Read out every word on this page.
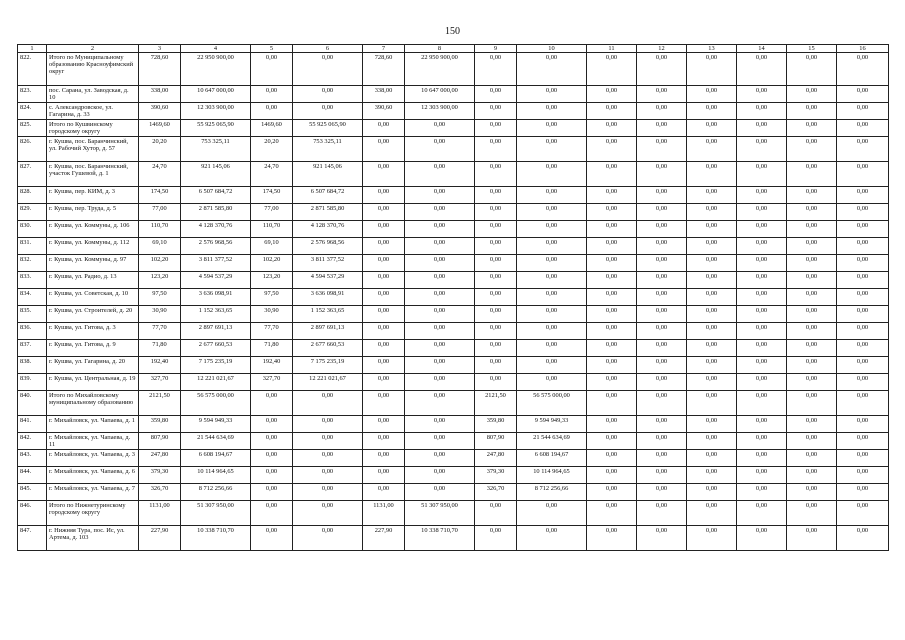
150
1	2	3	4	5	6	7	8	9	10	11	12	13	14	15	16
822.	Итого по Муниципальному образованию Красноуфимский округ	728,60	22 950 900,00	0,00	0,00	728,60	22 950 900,00	0,00	0,00	0,00	0,00	0,00	0,00	0,00	0,00
823.	пос. Сарана, ул. Заводская, д. 10	338,00	10 647 000,00	0,00	0,00	338,00	10 647 000,00	0,00	0,00	0,00	0,00	0,00	0,00	0,00	0,00
824.	с. Александровское, ул. Гагарина, д. 33	390,60	12 303 900,00	0,00	0,00	390,60	12 303 900,00	0,00	0,00	0,00	0,00	0,00	0,00	0,00	0,00
825.	Итого по Кушвинскому городскому округу	1469,60	55 925 065,90	1469,60	55 925 065,90	0,00	0,00	0,00	0,00	0,00	0,00	0,00	0,00	0,00	0,00
826.	г. Кушва, пос. Баранчинский, ул. Рабочий Хутор, д. 57	20,20	753 325,11	20,20	753 325,11	0,00	0,00	0,00	0,00	0,00	0,00	0,00	0,00	0,00	0,00
827.	г. Кушва, пос. Баранчинский, участок Гушевой, д. 1	24,70	921 145,06	24,70	921 145,06	0,00	0,00	0,00	0,00	0,00	0,00	0,00	0,00	0,00	0,00
828.	г. Кушва, пер. КИМ, д. 3	174,50	6 507 684,72	174,50	6 507 684,72	0,00	0,00	0,00	0,00	0,00	0,00	0,00	0,00	0,00	0,00
829.	г. Кушва, пер. Труда, д. 5	77,00	2 871 585,80	77,00	2 871 585,80	0,00	0,00	0,00	0,00	0,00	0,00	0,00	0,00	0,00	0,00
830.	г. Кушва, ул. Коммуны, д. 106	110,70	4 128 370,76	110,70	4 128 370,76	0,00	0,00	0,00	0,00	0,00	0,00	0,00	0,00	0,00	0,00
831.	г. Кушва, ул. Коммуны, д. 112	69,10	2 576 968,56	69,10	2 576 968,56	0,00	0,00	0,00	0,00	0,00	0,00	0,00	0,00	0,00	0,00
832.	г. Кушва, ул. Коммуны, д. 97	102,20	3 811 377,52	102,20	3 811 377,52	0,00	0,00	0,00	0,00	0,00	0,00	0,00	0,00	0,00	0,00
833.	г. Кушва, ул. Радио, д. 13	123,20	4 594 537,29	123,20	4 594 537,29	0,00	0,00	0,00	0,00	0,00	0,00	0,00	0,00	0,00	0,00
834.	г. Кушва, ул. Советская, д. 10	97,50	3 636 098,91	97,50	3 636 098,91	0,00	0,00	0,00	0,00	0,00	0,00	0,00	0,00	0,00	0,00
835.	г. Кушва, ул. Строителей, д. 20	30,90	1 152 363,65	30,90	1 152 363,65	0,00	0,00	0,00	0,00	0,00	0,00	0,00	0,00	0,00	0,00
836.	г. Кушва, ул. Гитова, д. 3	77,70	2 897 691,13	77,70	2 897 691,13	0,00	0,00	0,00	0,00	0,00	0,00	0,00	0,00	0,00	0,00
837.	г. Кушва, ул. Гитова, д. 9	71,80	2 677 660,53	71,80	2 677 660,53	0,00	0,00	0,00	0,00	0,00	0,00	0,00	0,00	0,00	0,00
838.	г. Кушва, ул. Гагарина, д. 20	192,40	7 175 235,19	192,40	7 175 235,19	0,00	0,00	0,00	0,00	0,00	0,00	0,00	0,00	0,00	0,00
839.	г. Кушва, ул. Центральная, д. 19	327,70	12 221 021,67	327,70	12 221 021,67	0,00	0,00	0,00	0,00	0,00	0,00	0,00	0,00	0,00	0,00
840.	Итого по Михайловскому муниципальному образованию	2121,50	56 575 000,00	0,00	0,00	0,00	0,00	2121,50	56 575 000,00	0,00	0,00	0,00	0,00	0,00	0,00
841.	г. Михайловск, ул. Чапаева, д. 1	359,80	9 594 949,33	0,00	0,00	0,00	0,00	359,80	9 594 949,33	0,00	0,00	0,00	0,00	0,00	0,00
842.	г. Михайловск, ул. Чапаева, д. 11	807,90	21 544 634,69	0,00	0,00	0,00	0,00	807,90	21 544 634,69	0,00	0,00	0,00	0,00	0,00	0,00
843.	г. Михайловск, ул. Чапаева, д. 3	247,80	6 608 194,67	0,00	0,00	0,00	0,00	247,80	6 608 194,67	0,00	0,00	0,00	0,00	0,00	0,00
844.	г. Михайловск, ул. Чапаева, д. 6	379,30	10 114 964,65	0,00	0,00	0,00	0,00	379,30	10 114 964,65	0,00	0,00	0,00	0,00	0,00	0,00
845.	г. Михайловск, ул. Чапаева, д. 7	326,70	8 712 256,66	0,00	0,00	0,00	0,00	326,70	8 712 256,66	0,00	0,00	0,00	0,00	0,00	0,00
846.	Итого по Нижнетуринскому городскому округу	1131,00	51 307 950,00	0,00	0,00	1131,00	51 307 950,00	0,00	0,00	0,00	0,00	0,00	0,00	0,00	0,00
847.	г. Нижняя Тура, пос. Ис, ул. Артема, д. 103	227,90	10 338 710,70	0,00	0,00	227,90	10 338 710,70	0,00	0,00	0,00	0,00	0,00	0,00	0,00	0,00
